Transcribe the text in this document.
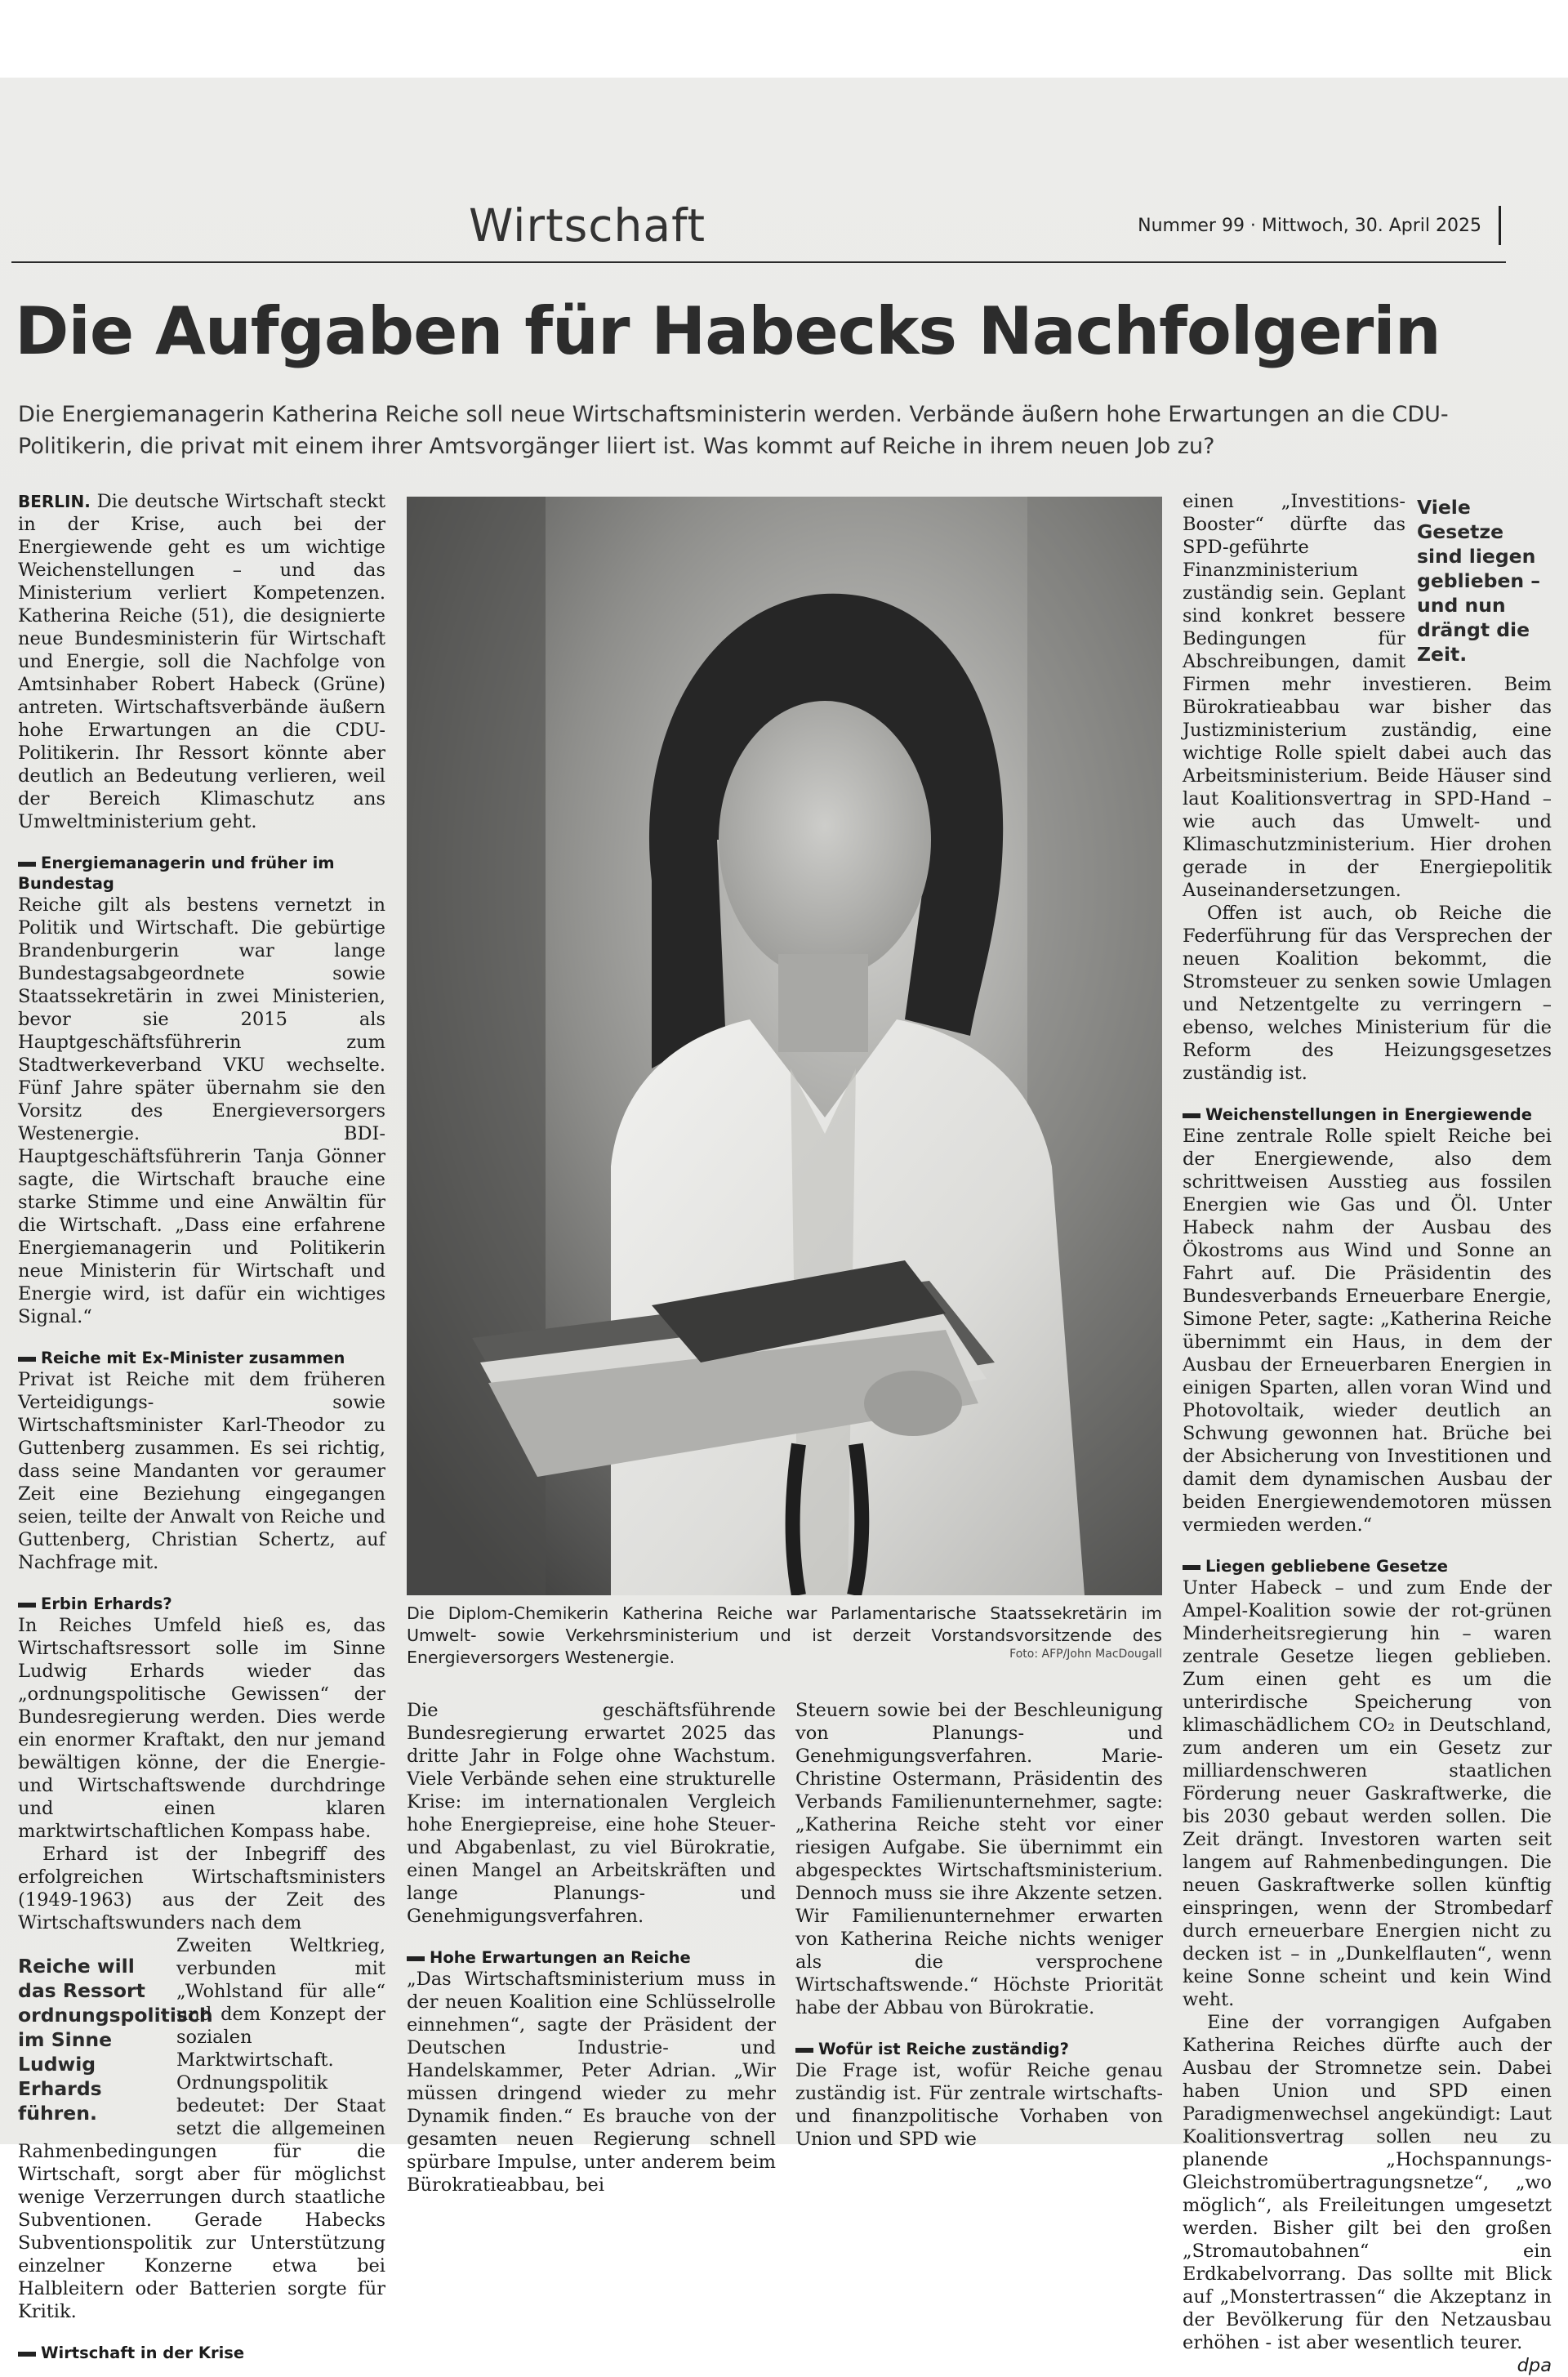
Wirtschaft	Nummer 99 · Mittwoch, 30. April 2025
Die Aufgaben für Habecks Nachfolgerin
Die Energiemanagerin Katherina Reiche soll neue Wirtschaftsministerin werden. Verbände äußern hohe Erwartungen an die CDU-Politikerin, die privat mit einem ihrer Amtsvorgänger liiert ist. Was kommt auf Reiche in ihrem neuen Job zu?

BERLIN. Die deutsche Wirtschaft steckt in der Krise, auch bei der Energiewende geht es um wichtige Weichenstellungen – und das Ministerium verliert Kompetenzen. Katherina Reiche (51), die designierte neue Bundesministerin für Wirtschaft und Energie, soll die Nachfolge von Amtsinhaber Robert Habeck (Grüne) antreten. Wirtschaftsverbände äußern hohe Erwartungen an die CDU-Politikerin. Ihr Ressort könnte aber deutlich an Bedeutung verlieren, weil der Bereich Klimaschutz ans Umweltministerium geht.

Energiemanagerin und früher im Bundestag

Reiche gilt als bestens vernetzt in Politik und Wirtschaft. Die gebürtige Brandenburgerin war lange Bundestagsabgeordnete sowie Staatssekretärin in zwei Ministerien, bevor sie 2015 als Hauptgeschäftsführerin zum Stadtwerkeverband VKU wechselte. Fünf Jahre später übernahm sie den Vorsitz des Energieversorgers Westenergie. BDI-Hauptgeschäftsführerin Tanja Gönner sagte, die Wirtschaft brauche eine starke Stimme und eine Anwältin für die Wirtschaft. „Dass eine erfahrene Energiemanagerin und Politikerin neue Ministerin für Wirtschaft und Energie wird, ist dafür ein wichtiges Signal.“

Reiche mit Ex-Minister zusammen

Privat ist Reiche mit dem früheren Verteidigungs- sowie Wirtschaftsminister Karl-Theodor zu Guttenberg zusammen. Es sei richtig, dass seine Mandanten vor geraumer Zeit eine Beziehung eingegangen seien, teilte der Anwalt von Reiche und Guttenberg, Christian Schertz, auf Nachfrage mit.

Erbin Erhards?

In Reiches Umfeld hieß es, das Wirtschaftsressort solle im Sinne Ludwig Erhards wieder das „ordnungspolitische Gewissen“ der Bundesregierung werden. Dies werde ein enormer Kraftakt, den nur jemand bewältigen könne, der die Energie- und Wirtschaftswende durchdringe und einen klaren marktwirtschaftlichen Kompass habe.

Erhard ist der Inbegriff des erfolgreichen Wirtschaftsministers (1949-1963) aus der Zeit des Wirtschaftswunders nach dem

Reiche will das Ressort ordnungspolitisch im Sinne Ludwig Erhards führen.

Zweiten Weltkrieg, verbunden mit „Wohlstand für alle“ und dem Konzept der sozialen Marktwirtschaft. Ordnungspolitik bedeutet: Der Staat setzt die allgemeinen Rahmenbedingungen für die Wirtschaft, sorgt aber für möglichst wenige Verzerrungen durch staatliche Subventionen. Gerade Habecks Subventionspolitik zur Unterstützung einzelner Konzerne etwa bei Halbleitern oder Batterien sorgte für Kritik.

Wirtschaft in der Krise
Die Diplom-Chemikerin Katherina Reiche war Parlamentarische Staatssekretärin im Umwelt- sowie Verkehrsministerium und ist derzeit Vorstandsvorsitzende des Energieversorgers Westenergie.	Foto: AFP/John MacDougall

Die geschäftsführende Bundesregierung erwartet 2025 das dritte Jahr in Folge ohne Wachstum. Viele Verbände sehen eine strukturelle Krise: im internationalen Vergleich hohe Energiepreise, eine hohe Steuer- und Abgabenlast, zu viel Bürokratie, einen Mangel an Arbeitskräften und lange Planungs- und Genehmigungsverfahren.

Hohe Erwartungen an Reiche

„Das Wirtschaftsministerium muss in der neuen Koalition eine Schlüsselrolle einnehmen“, sagte der Präsident der Deutschen Industrie- und Handelskammer, Peter Adrian. „Wir müssen dringend wieder zu mehr Dynamik finden.“ Es brauche von der gesamten neuen Regierung schnell spürbare Impulse, unter anderem beim Bürokratieabbau, bei

Steuern sowie bei der Beschleunigung von Planungs- und Genehmigungsverfahren. Marie-Christine Ostermann, Präsidentin des Verbands Familienunternehmer, sagte: „Katherina Reiche steht vor einer riesigen Aufgabe. Sie übernimmt ein abgespecktes Wirtschaftsministerium. Dennoch muss sie ihre Akzente setzen. Wir Familienunternehmer erwarten von Katherina Reiche nichts weniger als die versprochene Wirtschaftswende.“ Höchste Priorität habe der Abbau von Bürokratie.

Wofür ist Reiche zuständig?

Die Frage ist, wofür Reiche genau zuständig ist. Für zentrale wirtschafts- und finanzpolitische Vorhaben von Union und SPD wie

Viele Gesetze sind liegen geblieben – und nun drängt die Zeit.

einen „Investitions-Booster“ dürfte das SPD-geführte Finanzministerium zuständig sein. Geplant sind konkret bessere Bedingungen für Abschreibungen, damit Firmen mehr investieren. Beim Bürokratieabbau war bisher das Justizministerium zuständig, eine wichtige Rolle spielt dabei auch das Arbeitsministerium. Beide Häuser sind laut Koalitionsvertrag in SPD-Hand – wie auch das Umwelt- und Klimaschutzministerium. Hier drohen gerade in der Energiepolitik Auseinandersetzungen.

Offen ist auch, ob Reiche die Federführung für das Versprechen der neuen Koalition bekommt, die Stromsteuer zu senken sowie Umlagen und Netzentgelte zu verringern – ebenso, welches Ministerium für die Reform des Heizungsgesetzes zuständig ist.

Weichenstellungen in Energiewende

Eine zentrale Rolle spielt Reiche bei der Energiewende, also dem schrittweisen Ausstieg aus fossilen Energien wie Gas und Öl. Unter Habeck nahm der Ausbau des Ökostroms aus Wind und Sonne an Fahrt auf. Die Präsidentin des Bundesverbands Erneuerbare Energie, Simone Peter, sagte: „Katherina Reiche übernimmt ein Haus, in dem der Ausbau der Erneuerbaren Energien in einigen Sparten, allen voran Wind und Photovoltaik, wieder deutlich an Schwung gewonnen hat. Brüche bei der Absicherung von Investitionen und damit dem dynamischen Ausbau der beiden Energiewendemotoren müssen vermieden werden.“

Liegen gebliebene Gesetze

Unter Habeck – und zum Ende der Ampel-Koalition sowie der rot-grünen Minderheitsregierung hin – waren zentrale Gesetze liegen geblieben. Zum einen geht es um die unterirdische Speicherung von klimaschädlichem CO₂ in Deutschland, zum anderen um ein Gesetz zur milliardenschweren staatlichen Förderung neuer Gaskraftwerke, die bis 2030 gebaut werden sollen. Die Zeit drängt. Investoren warten seit langem auf Rahmenbedingungen. Die neuen Gaskraftwerke sollen künftig einspringen, wenn der Strombedarf durch erneuerbare Energien nicht zu decken ist – in „Dunkelflauten“, wenn keine Sonne scheint und kein Wind weht.

Eine der vorrangigen Aufgaben Katherina Reiches dürfte auch der Ausbau der Stromnetze sein. Dabei haben Union und SPD einen Paradigmenwechsel angekündigt: Laut Koalitionsvertrag sollen neu zu planende „Hochspannungs-Gleichstromübertragungsnetze“, „wo möglich“, als Freileitungen umgesetzt werden. Bisher gilt bei den großen „Stromautobahnen“ ein Erdkabelvorrang. Das sollte mit Blick auf „Monstertrassen“ die Akzeptanz in der Bevölkerung für den Netzausbau erhöhen - ist aber wesentlich teurer.

dpa
